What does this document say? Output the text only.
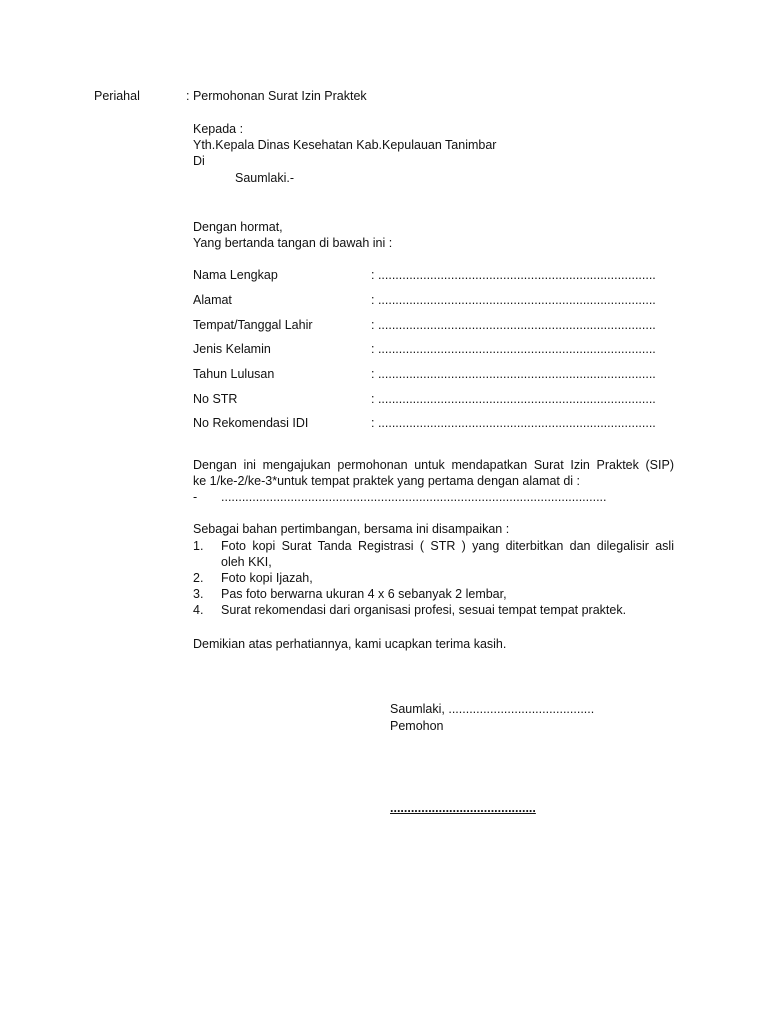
Periahal	: Permohonan Surat Izin Praktek
Kepada :
Yth.Kepala Dinas Kesehatan Kab.Kepulauan Tanimbar
Di
Saumlaki.-
Dengan hormat,
Yang bertanda tangan di bawah ini :
Nama Lengkap	: ................................................................................
Alamat	: ................................................................................
Tempat/Tanggal Lahir	: ................................................................................
Jenis Kelamin	: ................................................................................
Tahun Lulusan	: ................................................................................
No STR	: ................................................................................
No Rekomendasi IDI	: ................................................................................
Dengan ini mengajukan permohonan untuk mendapatkan Surat Izin Praktek (SIP)
ke 1/ke-2/ke-3*untuk tempat praktek yang pertama dengan alamat di :
- ...............................................................................................................
Sebagai bahan pertimbangan, bersama ini disampaikan :
1. Foto kopi Surat Tanda Registrasi ( STR ) yang diterbitkan dan dilegalisir asli
oleh KKI,
2. Foto kopi Ijazah,
3. Pas foto berwarna ukuran 4 x 6 sebanyak 2 lembar,
4. Surat rekomendasi dari organisasi profesi, sesuai tempat tempat praktek.
Demikian atas perhatiannya, kami ucapkan terima kasih.
Saumlaki, ..........................................
Pemohon
..........................................
